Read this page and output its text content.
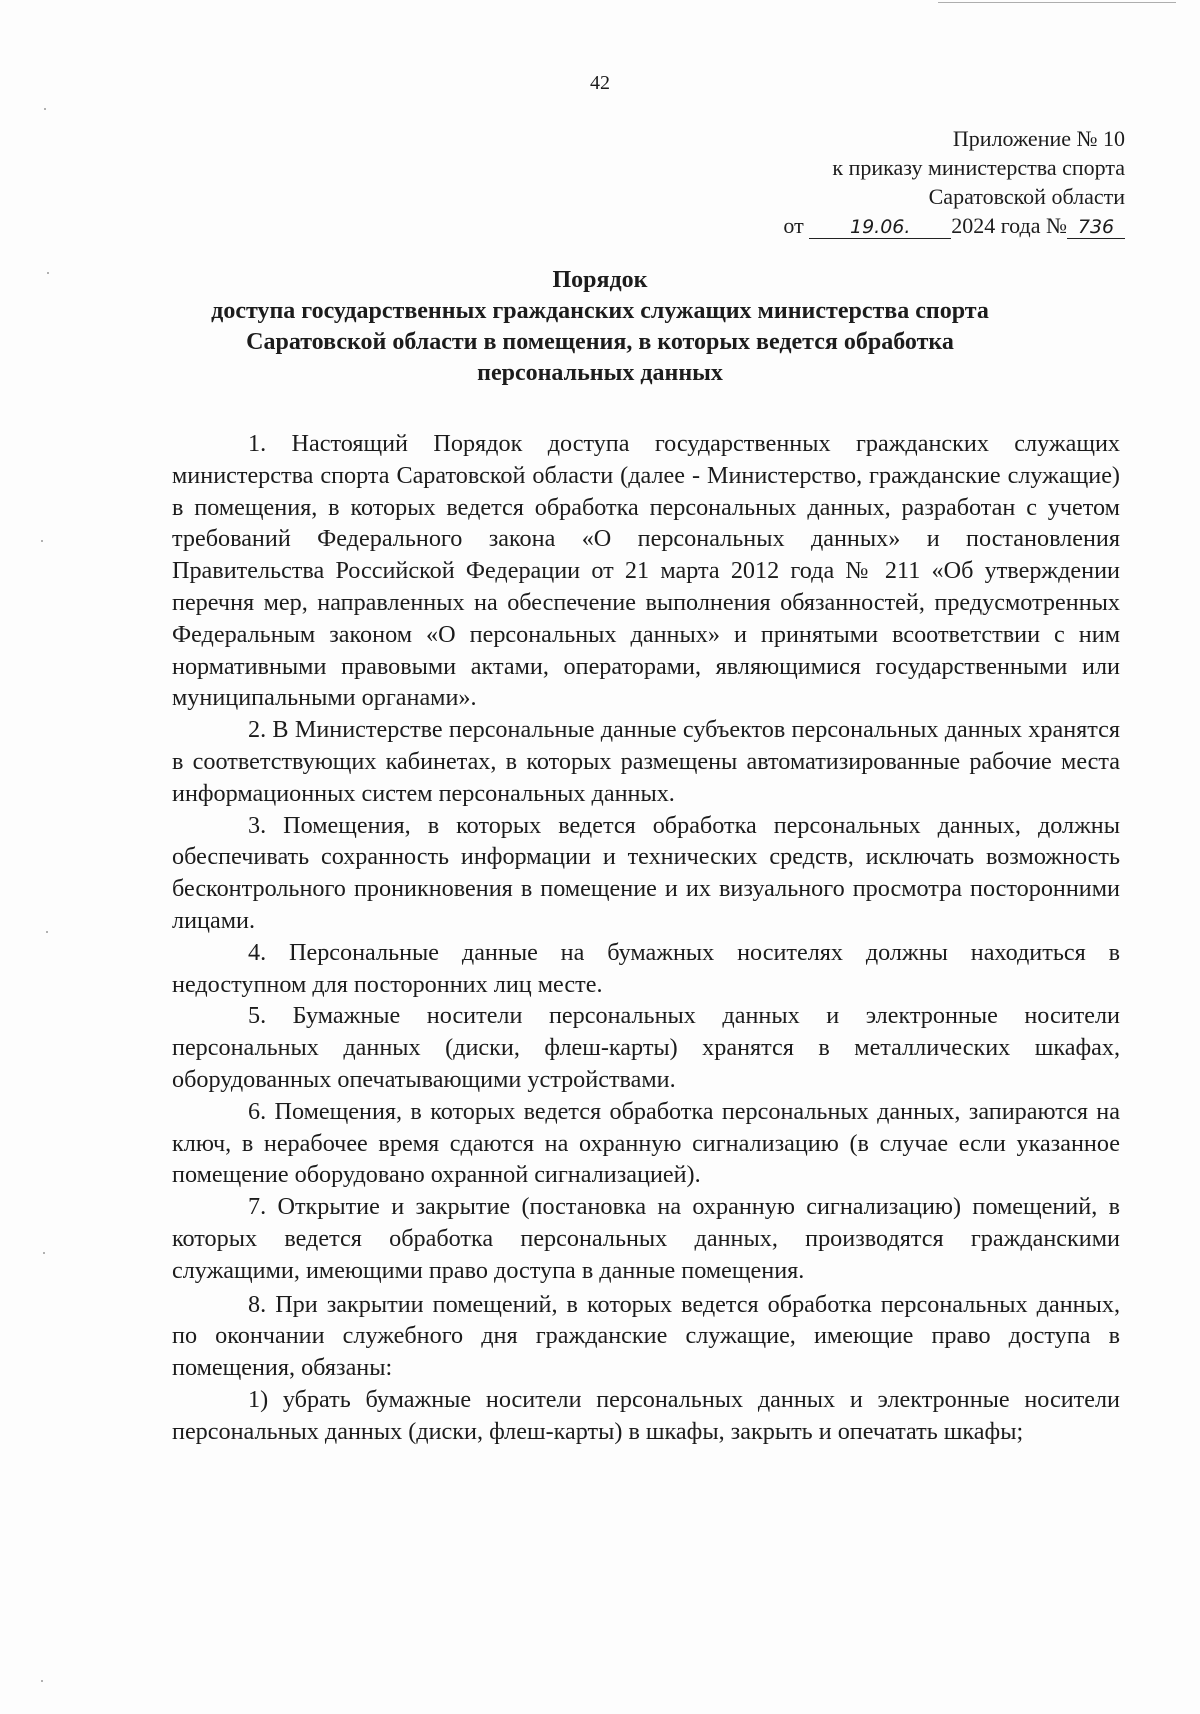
42
Приложение № 10
к приказу министерства спорта
Саратовской области
от 19.06. 2024 года № 736
Порядок
доступа государственных гражданских служащих министерства спорта
Саратовской области в помещения, в которых ведется обработка
персональных данных

1. Настоящий Порядок доступа государственных гражданских служащих министерства спорта Саратовской области (далее - Министерство, гражданские служащие) в помещения, в которых ведется обработка персональных данных, разработан с учетом требований Федерального закона «О персональных данных» и постановления Правительства Российской Федерации от 21 марта 2012 года № 211 «Об утверждении перечня мер, направленных на обеспечение выполнения обязанностей, предусмотренных Федеральным законом «О персональных данных» и принятыми всоответствии с ним нормативными правовыми актами, операторами, являющимися государственными или муниципальными органами».

2. В Министерстве персональные данные субъектов персональных данных хранятся в соответствующих кабинетах, в которых размещены автоматизированные рабочие места информационных систем персональных данных.

3. Помещения, в которых ведется обработка персональных данных, должны обеспечивать сохранность информации и технических средств, исключать возможность бесконтрольного проникновения в помещение и их визуального просмотра посторонними лицами.

4. Персональные данные на бумажных носителях должны находиться в недоступном для посторонних лиц месте.

5. Бумажные носители персональных данных и электронные носители персональных данных (диски, флеш-карты) хранятся в металлических шкафах, оборудованных опечатывающими устройствами.

6. Помещения, в которых ведется обработка персональных данных, запираются на ключ, в нерабочее время сдаются на охранную сигнализацию (в случае если указанное помещение оборудовано охранной сигнализацией).

7. Открытие и закрытие (постановка на охранную сигнализацию) помещений, в которых ведется обработка персональных данных, производятся гражданскими служащими, имеющими право доступа в данные помещения.

8. При закрытии помещений, в которых ведется обработка персональных данных, по окончании служебного дня гражданские служащие, имеющие право доступа в помещения, обязаны:

1) убрать бумажные носители персональных данных и электронные носители персональных данных (диски, флеш-карты) в шкафы, закрыть и опечатать шкафы;
